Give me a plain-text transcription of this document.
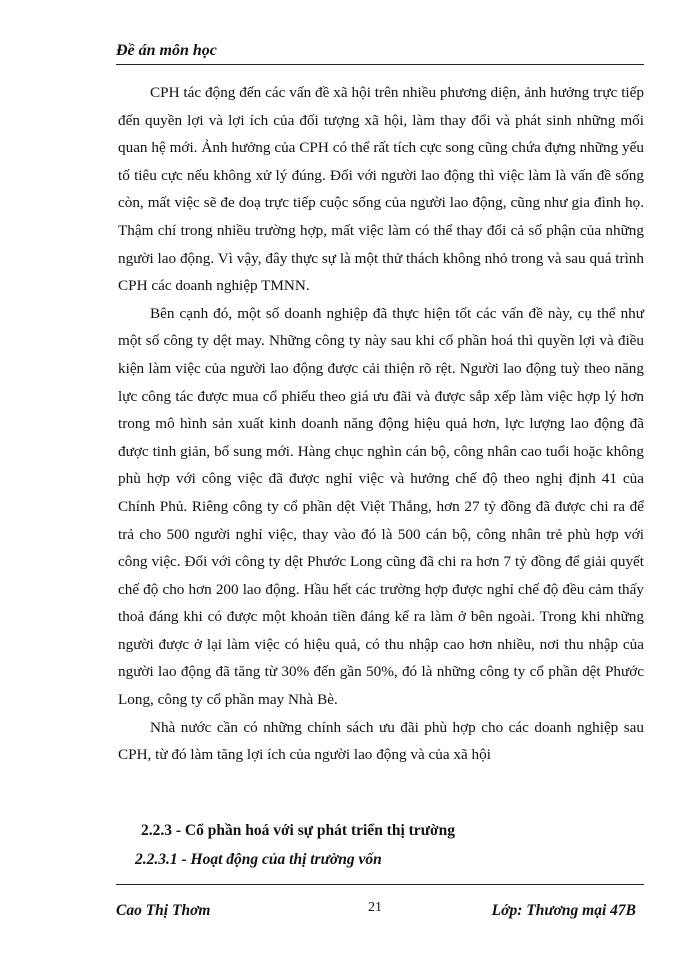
Đề án môn học

CPH tác động đến các vấn đề xã hội trên nhiều phương diện, ảnh hưởng trực tiếp đến quyền lợi và lợi ích của đối tượng xã hội, làm thay đổi và phát sinh những mối quan hệ mới. Ảnh hưởng của CPH có thể rất tích cực song cũng chứa đựng những yếu tố tiêu cực nếu không xử lý đúng. Đối với người lao động thì việc làm là vấn đề sống còn, mất việc sẽ đe doạ trực tiếp cuộc sống của người lao động, cũng như gia đình họ. Thậm chí trong nhiều trường hợp, mất việc làm có thể thay đổi cả số phận của những người lao động. Vì vậy, đây thực sự là một thử thách không nhỏ trong và sau quá trình CPH các doanh nghiệp TMNN.

Bên cạnh đó, một số doanh nghiệp đã thực hiện tốt các vấn đề này, cụ thể như một số công ty dệt may. Những công ty này sau khi cổ phần hoá thì quyền lợi và điều kiện làm việc của người lao động được cải thiện rõ rệt. Người lao động tuỳ theo năng lực công tác được mua cổ phiếu theo giá ưu đãi và được sắp xếp làm việc hợp lý hơn trong mô hình sản xuất kinh doanh năng động hiệu quả hơn, lực lượng lao động đã được tinh giản, bổ sung mới. Hàng chục nghìn cán bộ, công nhân cao tuổi hoặc không phù hợp với công việc đã được nghỉ việc và hưởng chế độ theo nghị định 41 của Chính Phủ. Riêng công ty cổ phần dệt Việt Thắng, hơn 27 tỷ đồng đã được chi ra để trả cho 500 người nghỉ việc, thay vào đó là 500 cán bộ, công nhân trẻ phù hợp với công việc. Đối với công ty dệt Phước Long cũng đã chi ra hơn 7 tỷ đồng để giải quyết chế độ cho hơn 200 lao động. Hầu hết các trường hợp được nghỉ chế độ đều cảm thấy thoả đáng khi có được một khoản tiền đáng kể ra làm ở bên ngoài. Trong khi những người được ở lại làm việc có hiệu quả, có thu nhập cao hơn nhiều, nơi thu nhập của người lao động đã tăng từ 30% đến gần 50%, đó là những công ty cổ phần dệt Phước Long, công ty cổ phần may Nhà Bè.

Nhà nước cần có những chính sách ưu đãi phù hợp cho các doanh nghiệp sau CPH, từ đó làm tăng lợi ích của người lao động và của xã hội

2.2.3 - Cổ phần hoá với sự phát triển thị trường
2.2.3.1 - Hoạt động của thị trường vốn
Cao Thị Thơm	21	Lớp: Thương mại 47B
